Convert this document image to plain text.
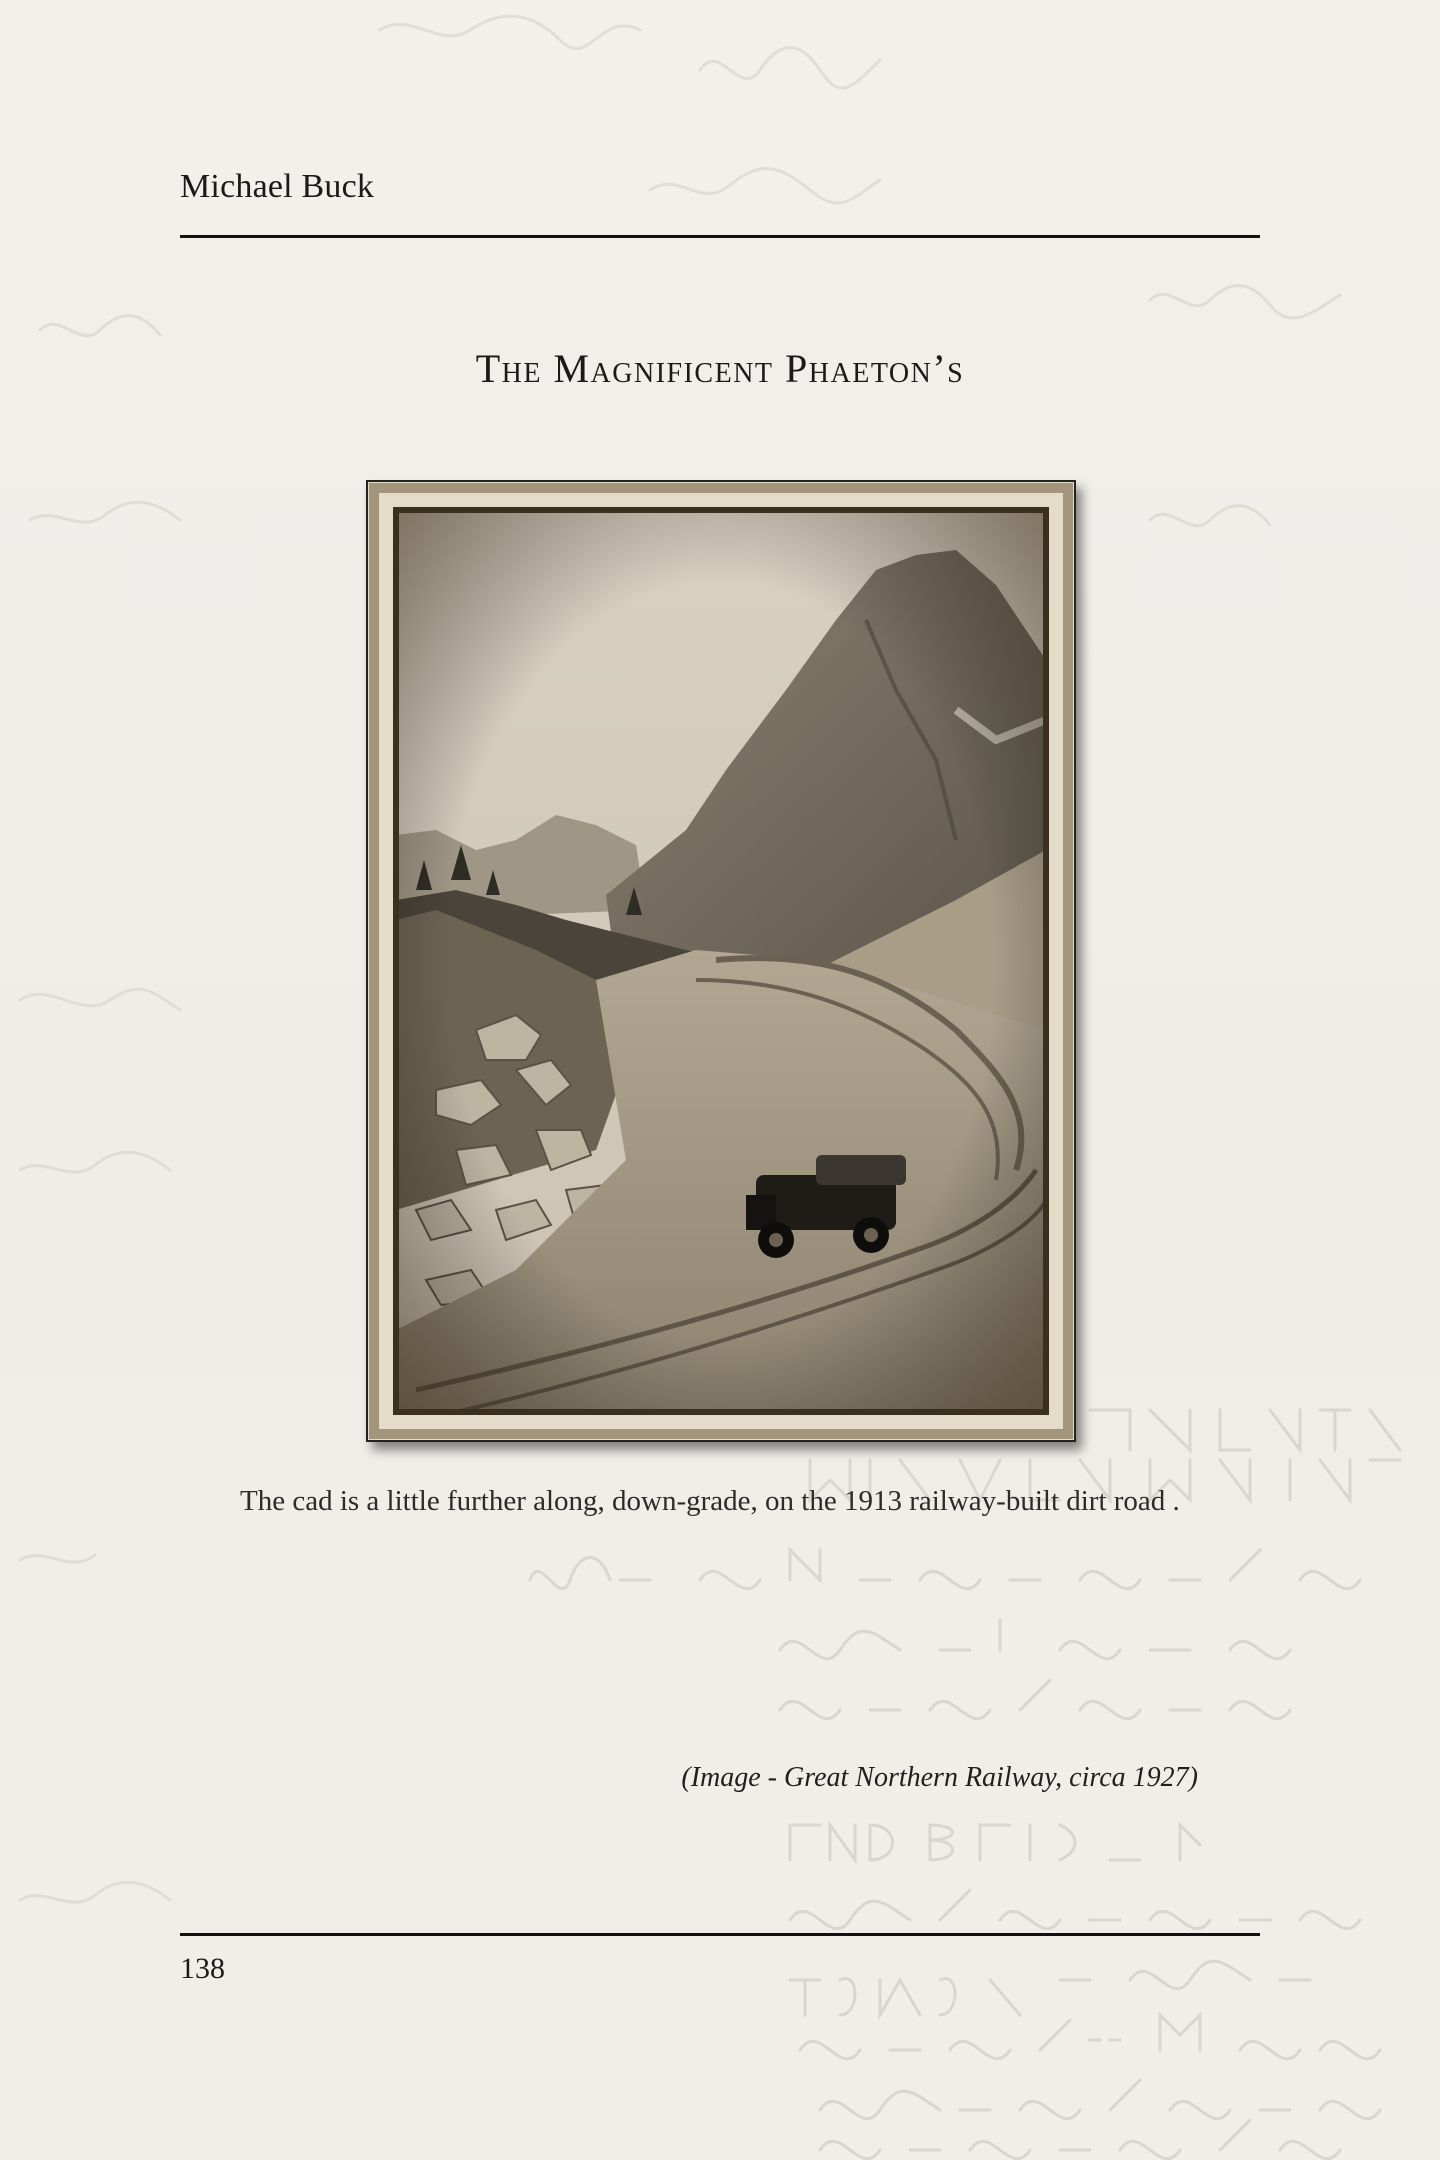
Michael Buck
The Magnificent Phaeton’s
The cad is a little further along, down-grade, on the 1913 railway-built dirt road .
(Image - Great Northern Railway, circa 1927)
138
